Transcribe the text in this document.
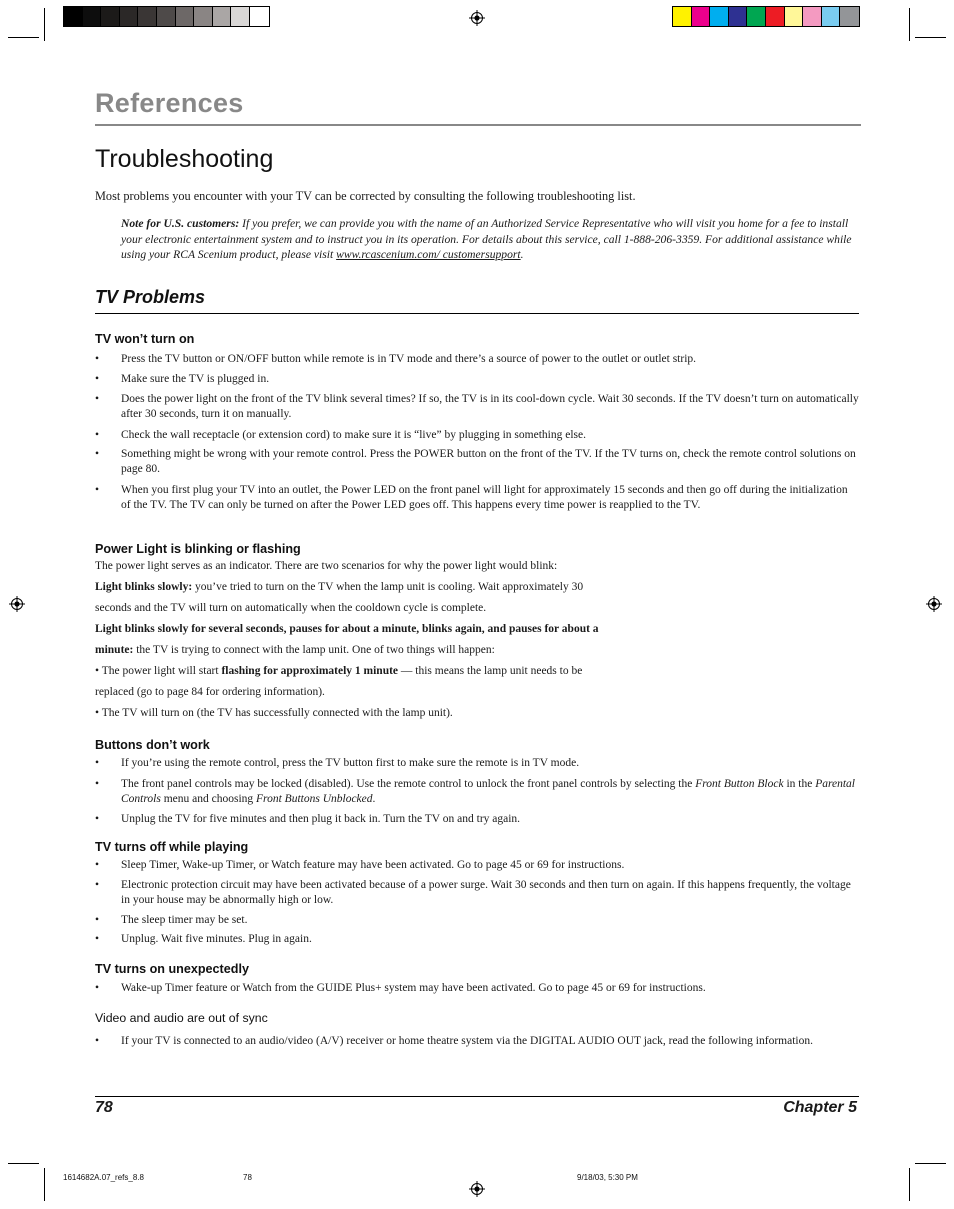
References
Troubleshooting
Most problems you encounter with your TV can be corrected by consulting the following troubleshooting list.
Note for U.S. customers: If you prefer, we can provide you with the name of an Authorized Service Representative who will visit you home for a fee to install your electronic entertainment system and to instruct you in its operation. For details about this service, call 1-888-206-3359. For additional assistance while using your RCA Scenium product, please visit www.rcascenium.com/ customersupport.
TV Problems
TV won’t turn on
• Press the TV button or ON/OFF button while remote is in TV mode and there’s a source of power to the outlet or outlet strip.
• Make sure the TV is plugged in.
• Does the power light on the front of the TV blink several times? If so, the TV is in its cool-down cycle. Wait 30 seconds. If the TV doesn’t turn on automatically after 30 seconds, turn it on manually.
• Check the wall receptacle (or extension cord) to make sure it is “live” by plugging in something else.
• Something might be wrong with your remote control. Press the POWER button on the front of the TV. If the TV turns on, check the remote control solutions on page 80.
• When you first plug your TV into an outlet, the Power LED on the front panel will light for approximately 15 seconds and then go off during the initialization of the TV. The TV can only be turned on after the Power LED goes off. This happens every time power is reapplied to the TV.
Power Light is blinking or flashing
The power light serves as an indicator. There are two scenarios for why the power light would blink:
Light blinks slowly: you’ve tried to turn on the TV when the lamp unit is cooling. Wait approximately 30
seconds and the TV will turn on automatically when the cooldown cycle is complete.
Light blinks slowly for several seconds, pauses for about a minute, blinks again, and pauses for about a
minute: the TV is trying to connect with the lamp unit. One of two things will happen:
• The power light will start flashing for approximately 1 minute — this means the lamp unit needs to be
replaced (go to page 84 for ordering information).
• The TV will turn on (the TV has successfully connected with the lamp unit).
Buttons don’t work
• If you’re using the remote control, press the TV button first to make sure the remote is in TV mode.
• The front panel controls may be locked (disabled). Use the remote control to unlock the front panel controls by selecting the Front Button Block in the Parental Controls menu and choosing Front Buttons Unblocked.
• Unplug the TV for five minutes and then plug it back in. Turn the TV on and try again.
TV turns off while playing
• Sleep Timer, Wake-up Timer, or Watch feature may have been activated. Go to page 45 or 69 for instructions.
• Electronic protection circuit may have been activated because of a power surge. Wait 30 seconds and then turn on again. If this happens frequently, the voltage in your house may be abnormally high or low.
• The sleep timer may be set.
• Unplug. Wait five minutes. Plug in again.
TV turns on unexpectedly
• Wake-up Timer feature or Watch from the GUIDE Plus+ system may have been activated. Go to page 45 or 69 for instructions.
Video and audio are out of sync
• If your TV is connected to an audio/video (A/V) receiver or home theatre system via the DIGITAL AUDIO OUT jack, read the following information.
78	Chapter 5
1614682A.07_refs_8.8	78	9/18/03, 5:30 PM
